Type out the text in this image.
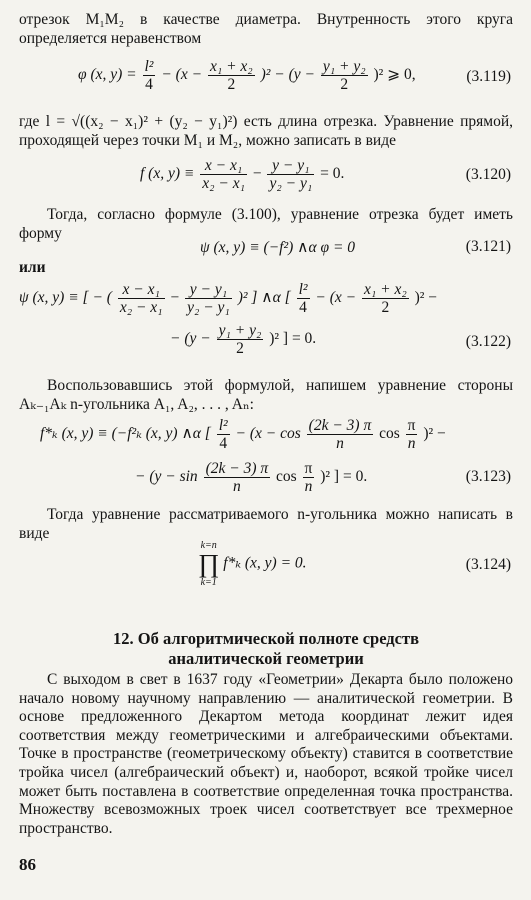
отрезок M₁M₂ в качестве диаметра. Внутренность этого круга определяется неравенством
φ (x, $y) = \frac{\text{l²}}{4} - (x - \frac{\text{x₁ + x₂}}{2} )^2 - (y - \frac{\text{y₁ + y₂}}{2} )^2$ ⩾ 0,	(3.119)
где l = √((x₂ − x₁)² + (y₂ − y₁)²) есть длина отрезка. Уравнение прямой, проходящей через точки M₁ и M₂, можно записать в виде
f (x, $y) \equiv \frac{\text{x − x₁}}{\text{x₂ − x₁}} - \frac{\text{y − y₁}}{\text{y₂ − y₁}} = 0$.	(3.120)
Тогда, согласно формуле (3.100), уравнение отрезка будет иметь форму
ψ (x, y) ≡ (−f²) ∧α φ = 0	(3.121)
или
ψ (x, y) ≡ [ − ( $\frac{\text{x − x₁}}{\text{x₂ − x₁}} - \frac{\text{y − y₁}}{\text{y₂ − y₁}} )^2$ ] ∧α [ $\frac{\text{l²}}{4} - (x - \frac{\text{x₁ + x₂}}{2} )^2$ −
− $(y - \frac{\text{y₁ + y₂}}{2} )^2$ ] = 0.	(3.122)
Воспользовавшись этой формулой, напишем уравнение стороны Aₖ₋₁Aₖ n-угольника A₁, A₂, . . . , Aₙ:
f*ₖ (x, y) ≡ (−f²ₖ (x, y) ∧α [ $\frac{\text{l²}}{4} - (x - \cos \frac{(2k - 3) \pi}{n}$ $\cos \frac{\pi}{n} )^2$ −
− ($y - \sin \frac{(2k - 3) \pi}{n}$ $\cos \frac{\pi}{n} )^2$ ] = 0.	(3.123)
Тогда уравнение рассматриваемого n-угольника можно написать в виде
k=n
∏
k=1
f*ₖ (x, y) = 0.	(3.124)
12. Об алгоритмической полноте средств
аналитической геометрии
С выходом в свет в 1637 году «Геометрии» Декарта было положено начало новому научному направлению — аналитической геометрии. В основе предложенного Декартом метода координат лежит идея соответствия между геометрическими и алгебраическими объектами. Точке в пространстве (геометрическому объекту) ставится в соответствие тройка чисел (алгебраический объект) и, наоборот, всякой тройке чисел может быть поставлена в соответствие определенная точка пространства. Множеству всевозможных троек чисел соответствует все трехмерное пространство.
86
